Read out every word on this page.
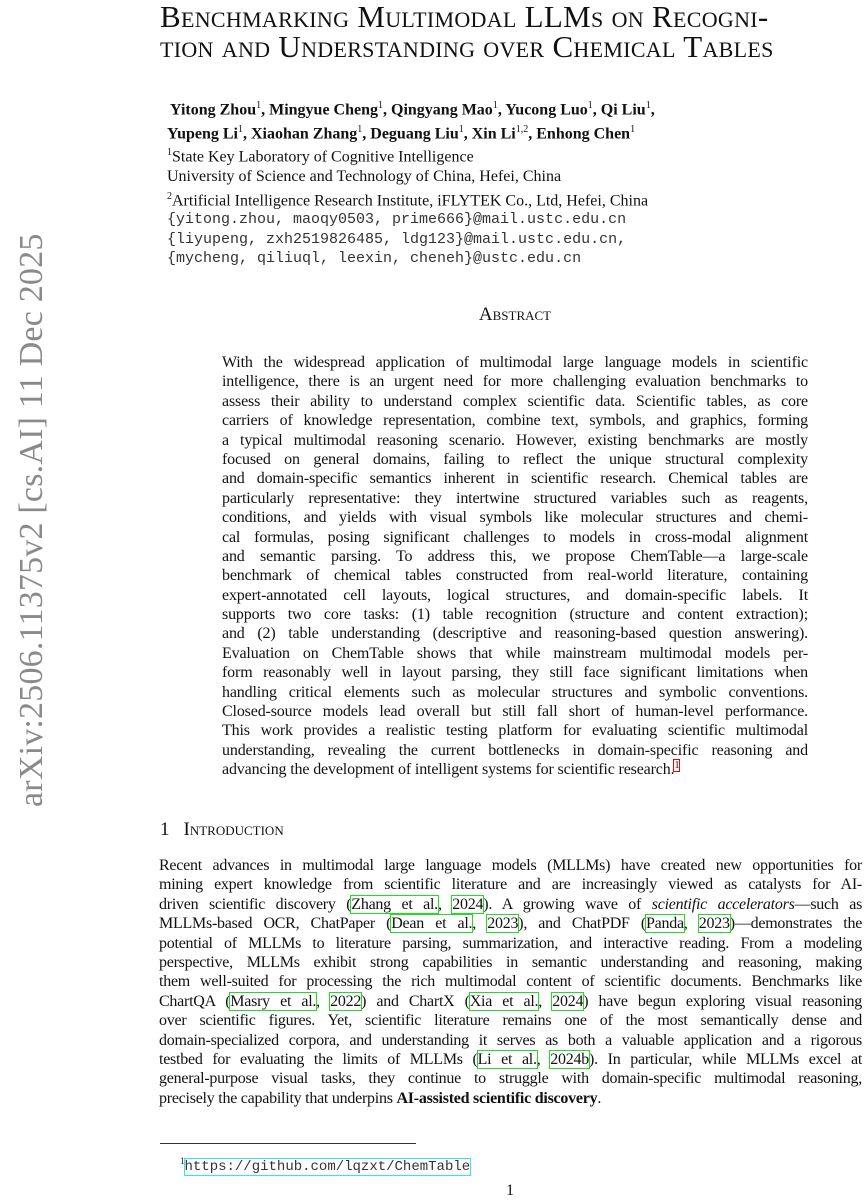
arXiv:2506.11375v2 [cs.AI] 11 Dec 2025
Benchmarking Multimodal LLMs on Recogni-
tion and Understanding over Chemical Tables
Yitong Zhou$^1$, Mingyue Cheng$^1$, Qingyang Mao$^1$, Yucong Luo$^1$, Qi Liu$^1$,
Yupeng Li$^1$, Xiaohan Zhang$^1$, Deguang Liu$^1$, Xin Li$^{1,2}$, Enhong Chen$^1$
$^1$State Key Laboratory of Cognitive Intelligence
University of Science and Technology of China, Hefei, China
$^2$Artificial Intelligence Research Institute, iFLYTEK Co., Ltd, Hefei, China
{yitong.zhou, maoqy0503, prime666}@mail.ustc.edu.cn
{liyupeng, zxh2519826485, ldg123}@mail.ustc.edu.cn,
{mycheng, qiliuql, leexin, cheneh}@ustc.edu.cn
Abstract
With the widespread application of multimodal large language models in scientific
intelligence, there is an urgent need for more challenging evaluation benchmarks to
assess their ability to understand complex scientific data. Scientific tables, as core
carriers of knowledge representation, combine text, symbols, and graphics, forming
a typical multimodal reasoning scenario. However, existing benchmarks are mostly
focused on general domains, failing to reflect the unique structural complexity
and domain-specific semantics inherent in scientific research. Chemical tables are
particularly representative: they intertwine structured variables such as reagents,
conditions, and yields with visual symbols like molecular structures and chemi-
cal formulas, posing significant challenges to models in cross-modal alignment
and semantic parsing. To address this, we propose ChemTable—a large-scale
benchmark of chemical tables constructed from real-world literature, containing
expert-annotated cell layouts, logical structures, and domain-specific labels. It
supports two core tasks: (1) table recognition (structure and content extraction);
and (2) table understanding (descriptive and reasoning-based question answering).
Evaluation on ChemTable shows that while mainstream multimodal models per-
form reasonably well in layout parsing, they still face significant limitations when
handling critical elements such as molecular structures and symbolic conventions.
Closed-source models lead overall but still fall short of human-level performance.
This work provides a realistic testing platform for evaluating scientific multimodal
understanding, revealing the current bottlenecks in domain-specific reasoning and
advancing the development of intelligent systems for scientific research.$^1$
1 Introduction
Recent advances in multimodal large language models (MLLMs) have created new opportunities for
mining expert knowledge from scientific literature and are increasingly viewed as catalysts for AI-
driven scientific discovery (Zhang et al., 2024). A growing wave of scientific accelerators—such as
MLLMs-based OCR, ChatPaper (Dean et al., 2023), and ChatPDF (Panda, 2023)—demonstrates the
potential of MLLMs to literature parsing, summarization, and interactive reading. From a modeling
perspective, MLLMs exhibit strong capabilities in semantic understanding and reasoning, making
them well-suited for processing the rich multimodal content of scientific documents. Benchmarks like
ChartQA (Masry et al., 2022) and ChartX (Xia et al., 2024) have begun exploring visual reasoning
over scientific figures. Yet, scientific literature remains one of the most semantically dense and
domain-specialized corpora, and understanding it serves as both a valuable application and a rigorous
testbed for evaluating the limits of MLLMs (Li et al., 2024b). In particular, while MLLMs excel at
general-purpose visual tasks, they continue to struggle with domain-specific multimodal reasoning,
precisely the capability that underpins AI-assisted scientific discovery.
$^1$https://github.com/lqzxt/ChemTable
1
